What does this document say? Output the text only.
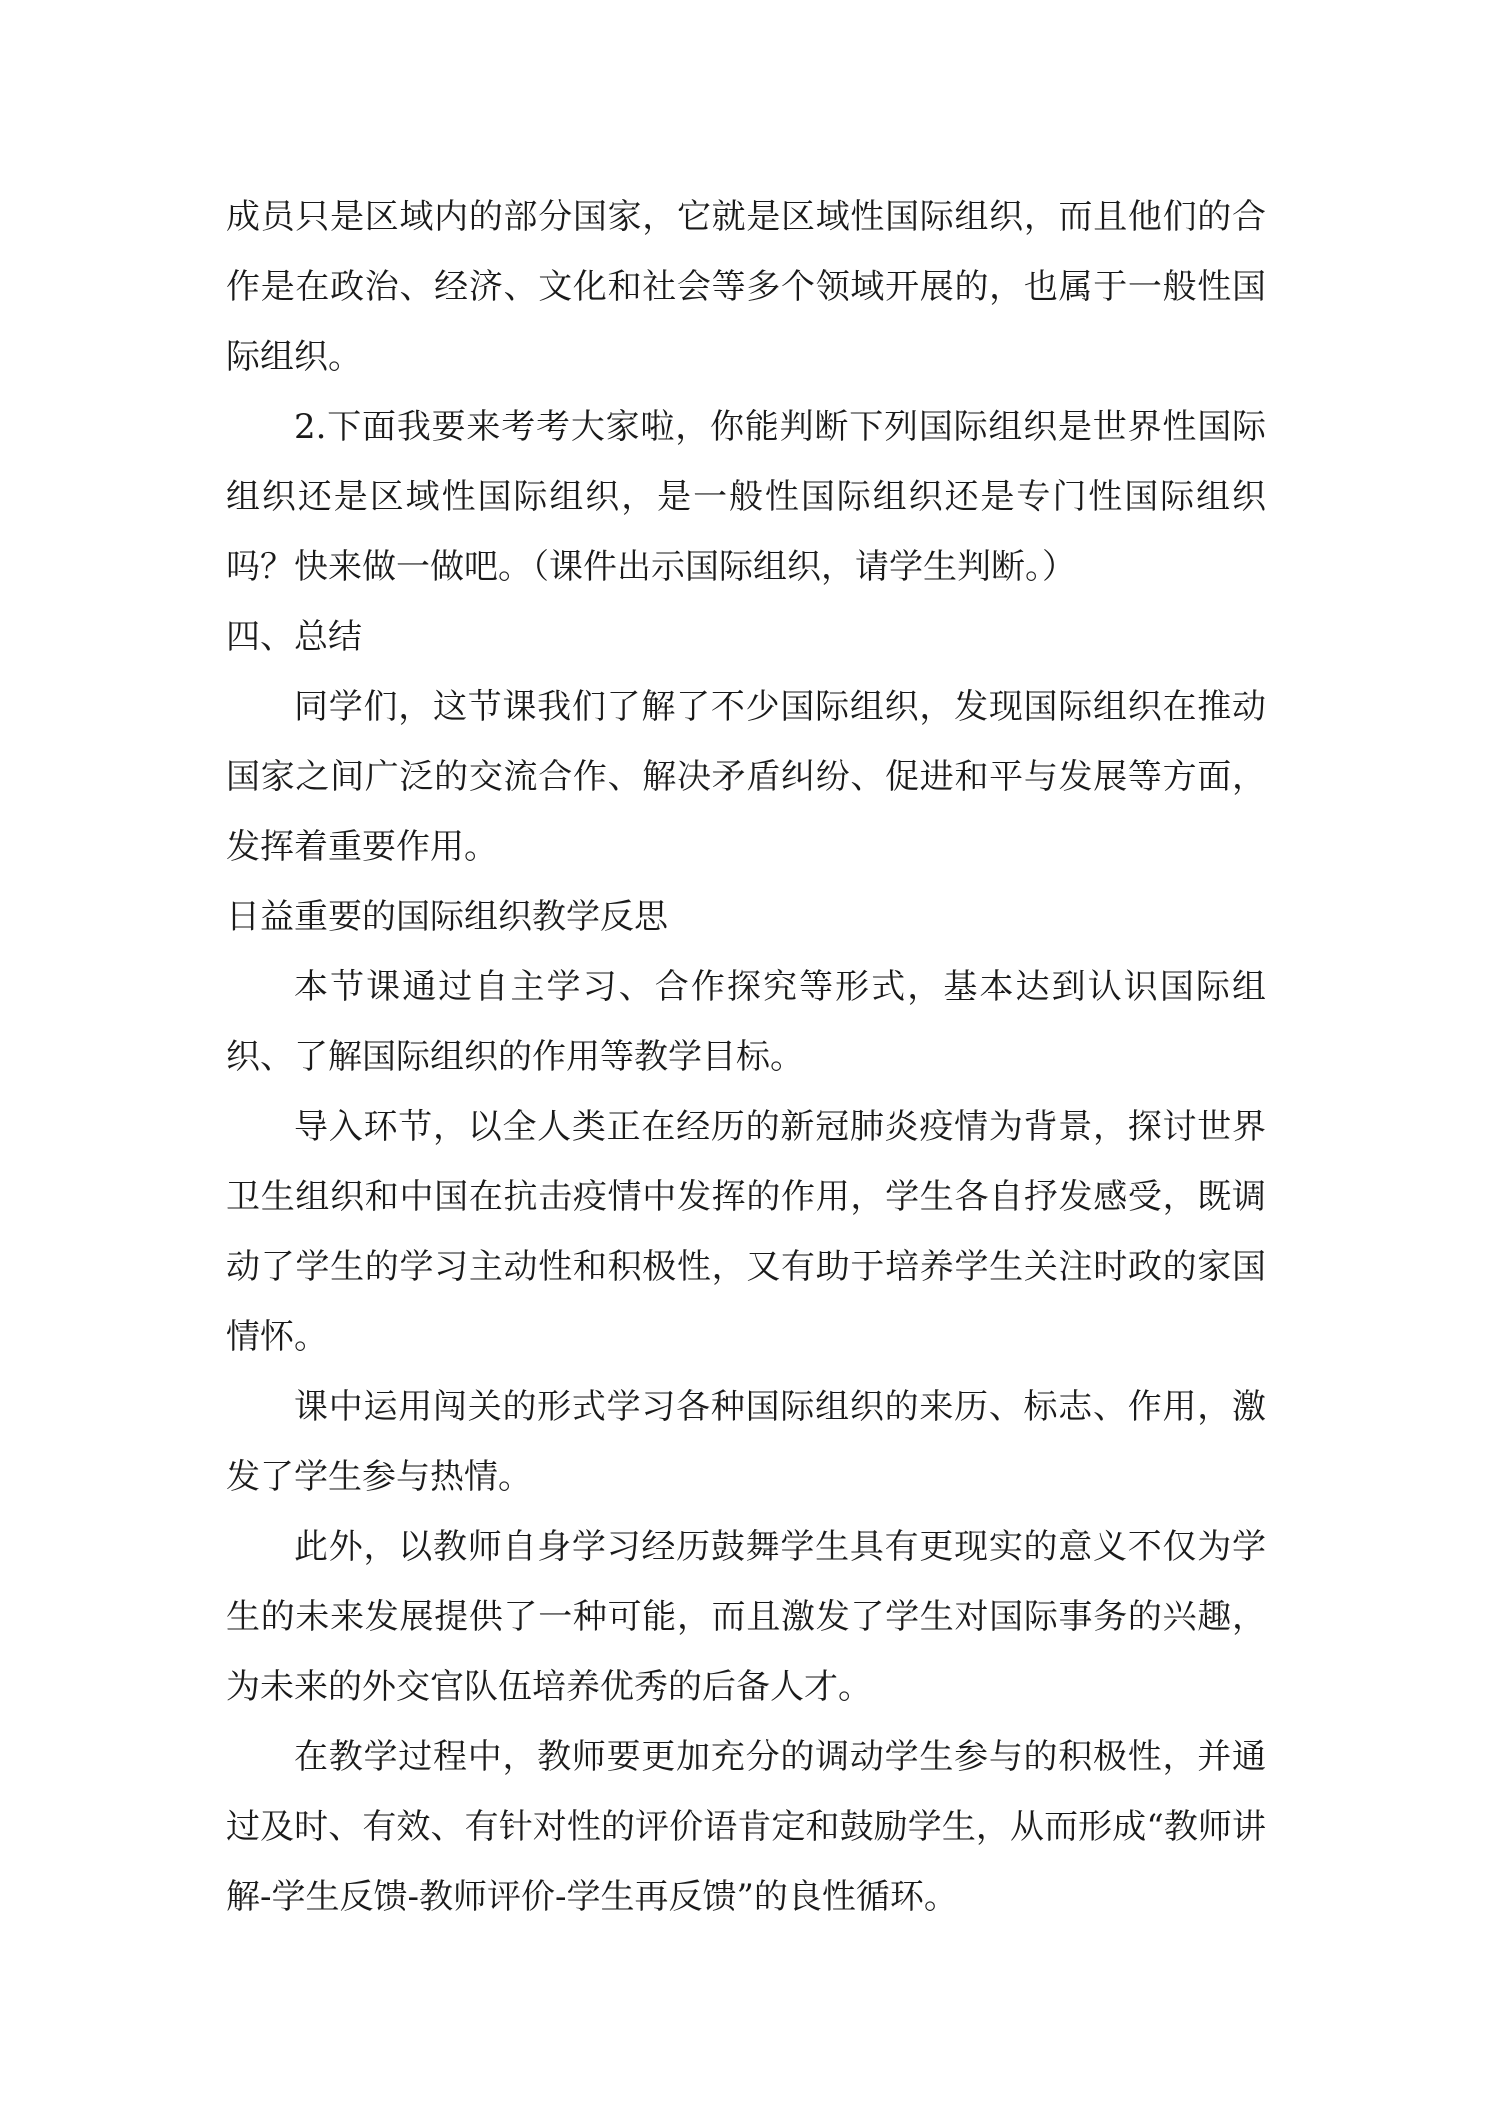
成员只是区域内的部分国家，它就是区域性国际组织，而且他们的合作是在政治、经济、文化和社会等多个领域开展的，也属于一般性国际组织。

2.下面我要来考考大家啦，你能判断下列国际组织是世界性国际组织还是区域性国际组织，是一般性国际组织还是专门性国际组织吗？快来做一做吧。（课件出示国际组织，请学生判断。）

四、总结

同学们，这节课我们了解了不少国际组织，发现国际组织在推动国家之间广泛的交流合作、解决矛盾纠纷、促进和平与发展等方面，发挥着重要作用。

日益重要的国际组织教学反思

本节课通过自主学习、合作探究等形式，基本达到认识国际组织、了解国际组织的作用等教学目标。

导入环节，以全人类正在经历的新冠肺炎疫情为背景，探讨世界卫生组织和中国在抗击疫情中发挥的作用，学生各自抒发感受，既调动了学生的学习主动性和积极性，又有助于培养学生关注时政的家国情怀。

课中运用闯关的形式学习各种国际组织的来历、标志、作用，激发了学生参与热情。

此外，以教师自身学习经历鼓舞学生具有更现实的意义不仅为学生的未来发展提供了一种可能，而且激发了学生对国际事务的兴趣，为未来的外交官队伍培养优秀的后备人才。

在教学过程中，教师要更加充分的调动学生参与的积极性，并通过及时、有效、有针对性的评价语肯定和鼓励学生，从而形成“教师讲解-学生反馈-教师评价-学生再反馈”的良性循环。
